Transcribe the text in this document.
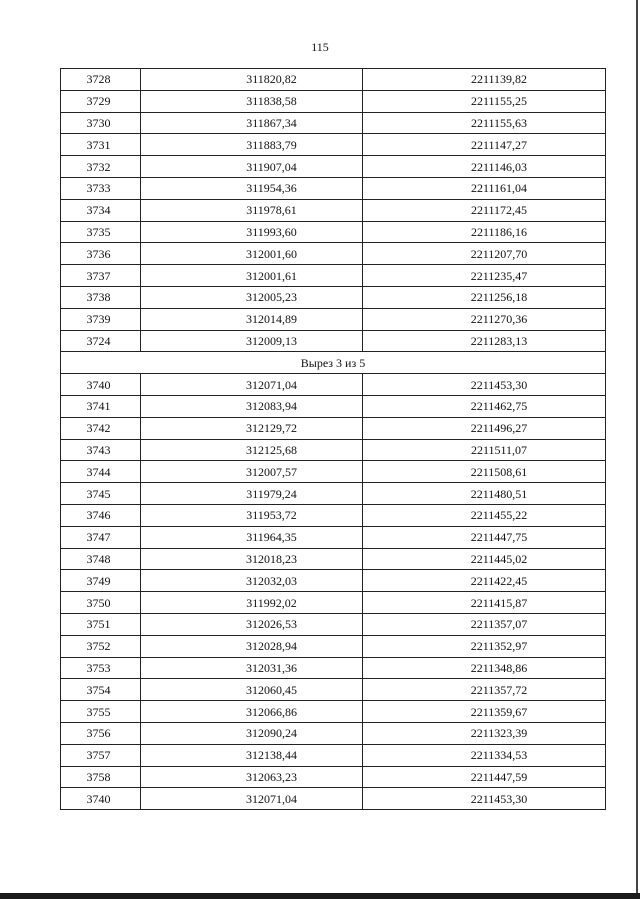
115
3728	311820,82	2211139,82
3729	311838,58	2211155,25
3730	311867,34	2211155,63
3731	311883,79	2211147,27
3732	311907,04	2211146,03
3733	311954,36	2211161,04
3734	311978,61	2211172,45
3735	311993,60	2211186,16
3736	312001,60	2211207,70
3737	312001,61	2211235,47
3738	312005,23	2211256,18
3739	312014,89	2211270,36
3724	312009,13	2211283,13
Вырез 3 из 5		
3740	312071,04	2211453,30
3741	312083,94	2211462,75
3742	312129,72	2211496,27
3743	312125,68	2211511,07
3744	312007,57	2211508,61
3745	311979,24	2211480,51
3746	311953,72	2211455,22
3747	311964,35	2211447,75
3748	312018,23	2211445,02
3749	312032,03	2211422,45
3750	311992,02	2211415,87
3751	312026,53	2211357,07
3752	312028,94	2211352,97
3753	312031,36	2211348,86
3754	312060,45	2211357,72
3755	312066,86	2211359,67
3756	312090,24	2211323,39
3757	312138,44	2211334,53
3758	312063,23	2211447,59
3740	312071,04	2211453,30
